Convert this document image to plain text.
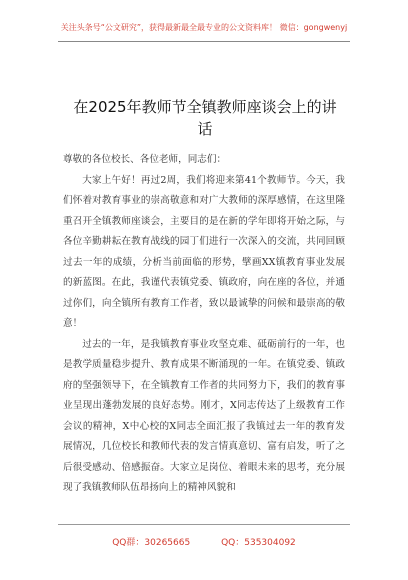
关注头条号“公文研究”，获得最新最全最专业的公文资料库！ 微信：gongwenyj
在2025年教师节全镇教师座谈会上的讲话

尊敬的各位校长、各位老师，同志们：

大家上午好！再过2周，我们将迎来第41个教师节。今天，我们怀着对教育事业的崇高敬意和对广大教师的深厚感情，在这里隆重召开全镇教师座谈会，主要目的是在新的学年即将开始之际，与各位辛勤耕耘在教育战线的园丁们进行一次深入的交流，共同回顾过去一年的成绩，分析当前面临的形势，擘画XX镇教育事业发展的新蓝图。在此，我谨代表镇党委、镇政府，向在座的各位，并通过你们，向全镇所有教育工作者，致以最诚挚的问候和最崇高的敬意！

过去的一年，是我镇教育事业攻坚克难、砥砺前行的一年，也是教学质量稳步提升、教育成果不断涌现的一年。在镇党委、镇政府的坚强领导下，在全镇教育工作者的共同努力下，我们的教育事业呈现出蓬勃发展的良好态势。刚才，X同志传达了上级教育工作会议的精神，X中心校的X同志全面汇报了我镇过去一年的教育发展情况，几位校长和教师代表的发言情真意切、富有启发，听了之后很受感动、倍感振奋。大家立足岗位、着眼未来的思考，充分展现了我镇教师队伍昂扬向上的精神风貌和

QQ群：30265665	QQ：535304092
